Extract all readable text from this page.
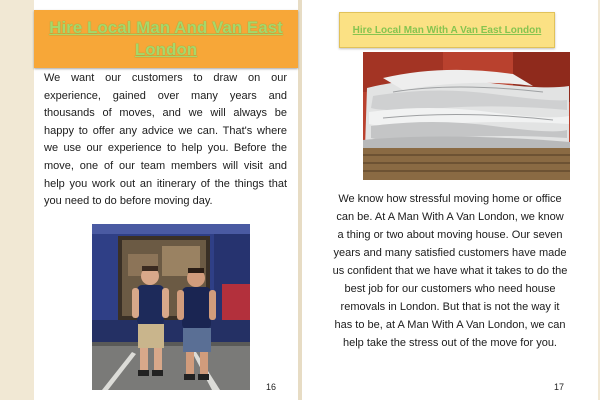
Hire Local Man And Van East London

We want our customers to draw on our experience, gained over many years and thousands of moves, and we will always be happy to offer any advice we can. That's where we use our experience to help you. Before the move, one of our team members will visit and help you work out an itinerary of the things that you need to do before moving day.

16
Hire Local Man With A Van East London

We know how stressful moving home or office can be. At A Man With A Van London, we know a thing or two about moving house. Our seven years and many satisfied customers have made us confident that we have what it takes to do the best job for our customers who need house removals in London. But that is not the way it has to be, at A Man With A Van London, we can help take the stress out of the move for you.

17
